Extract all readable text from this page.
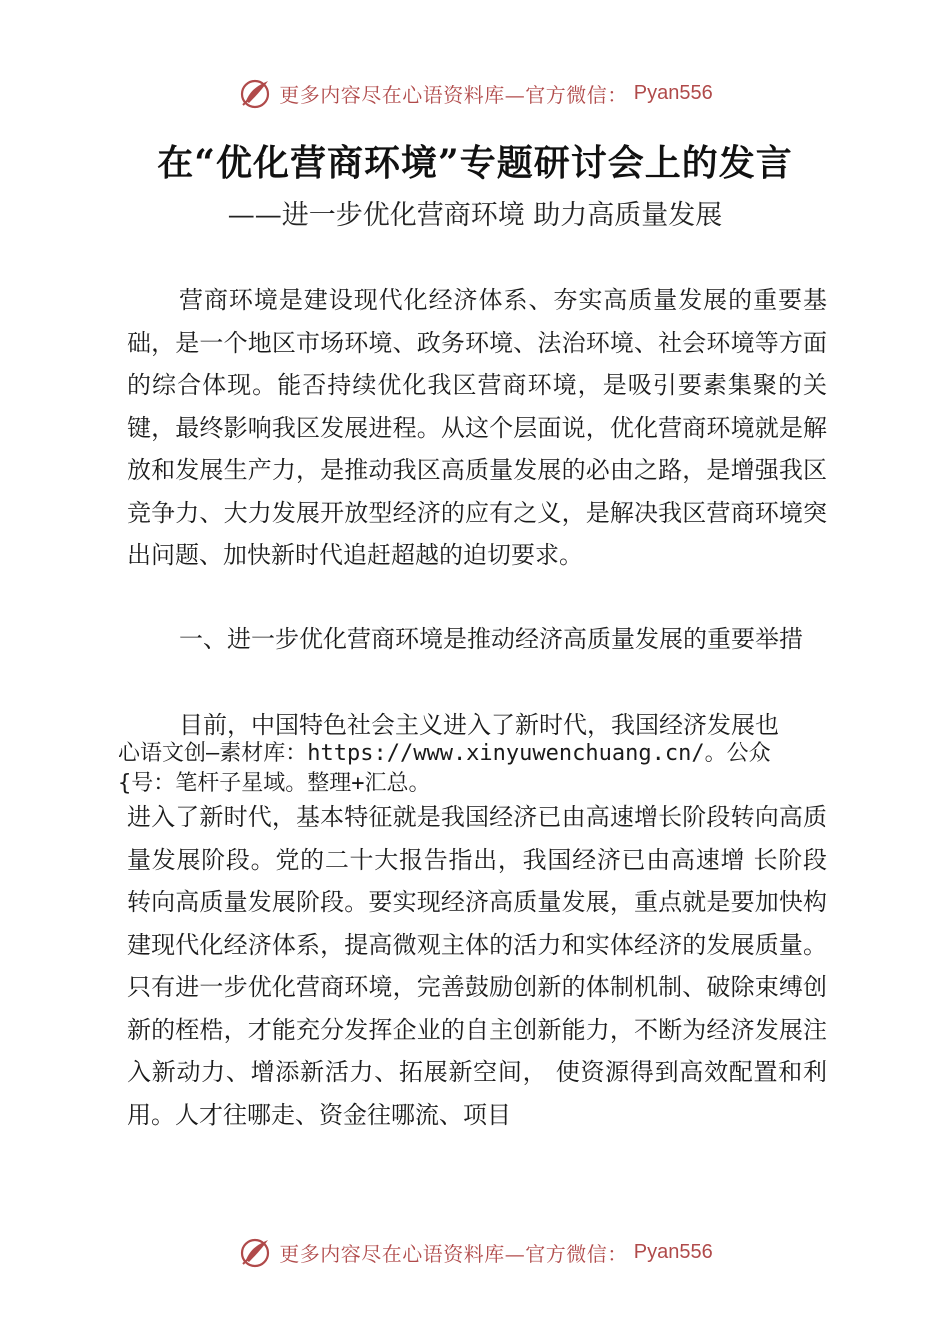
更多内容尽在心语资料库—官方微信： Pyan556
在“优化营商环境”专题研讨会上的发言
——进一步优化营商环境 助力高质量发展

营商环境是建设现代化经济体系、夯实高质量发展的重要基础，是一个地区市场环境、政务环境、法治环境、社会环境等方面的综合体现。能否持续优化我区营商环境，是吸引要素集聚的关键，最终影响我区发展进程。从这个层面说，优化营商环境就是解放和发展生产力，是推动我区高质量发展的必由之路，是增强我区竞争力、大力发展开放型经济的应有之义，是解决我区营商环境突出问题、加快新时代追赶超越的迫切要求。

一、进一步优化营商环境是推动经济高质量发展的重要举措

目前，中国特色社会主义进入了新时代，我国经济发展也

心语文创—素材库：https://www.xinyuwenchuang.cn/。公众
{号：笔杆子星域。整理+汇总。

进入了新时代，基本特征就是我国经济已由高速增长阶段转向高质量发展阶段。党的二十大报告指出，我国经济已由高速增 长阶段转向高质量发展阶段。要实现经济高质量发展，重点就是要加快构建现代化经济体系，提高微观主体的活力和实体经济的发展质量。只有进一步优化营商环境，完善鼓励创新的体制机制、破除束缚创新的桎梏，才能充分发挥企业的自主创新能力，不断为经济发展注入新动力、增添新活力、拓展新空间， 使资源得到高效配置和利用。人才往哪走、资金往哪流、项目

更多内容尽在心语资料库—官方微信： Pyan556
